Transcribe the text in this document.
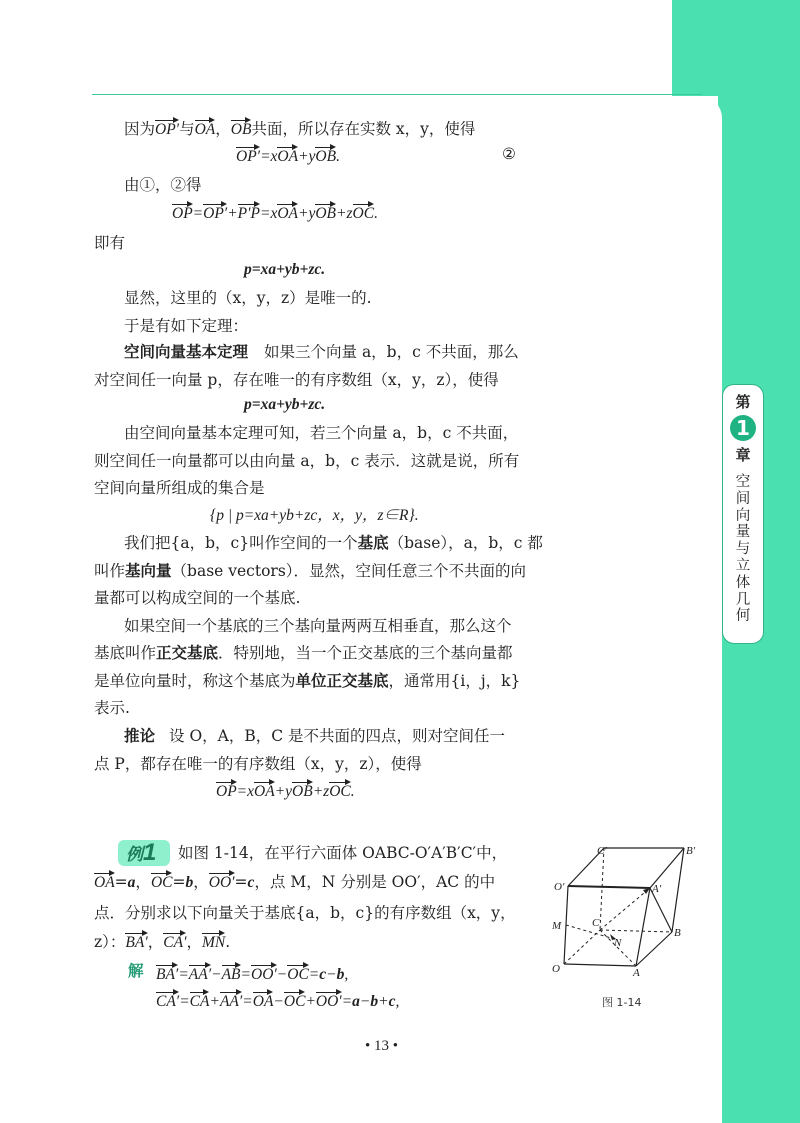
第
1
章
空
间
向
量
与
立
体
几
何
因为OP′与OA，OB共面，所以存在实数 x，y，使得
OP′=xOA+yOB.	②
由①，②得
OP=OP′+P′P=xOA+yOB+zOC.
即有
p=xa+yb+zc.
显然，这里的（x，y，z）是唯一的.
于是有如下定理：
空间向量基本定理 如果三个向量 a，b，c 不共面，那么
对空间任一向量 p，存在唯一的有序数组（x，y，z），使得
p=xa+yb+zc.
由空间向量基本定理可知，若三个向量 a，b，c 不共面，
则空间任一向量都可以由向量 a，b，c 表示．这就是说，所有
空间向量所组成的集合是
{p | p=xa+yb+zc，x，y，z∈R}.
我们把{a，b，c}叫作空间的一个基底（base），a，b，c 都
叫作基向量（base vectors）．显然，空间任意三个不共面的向
量都可以构成空间的一个基底.
如果空间一个基底的三个基向量两两互相垂直，那么这个
基底叫作正交基底．特别地，当一个正交基底的三个基向量都
是单位向量时，称这个基底为单位正交基底，通常用{i，j，k}
表示.
推论 设 O，A，B，C 是不共面的四点，则对空间任一
点 P，都存在唯一的有序数组（x，y，z），使得
OP=xOA+yOB+zOC.
例1	如图 1-14，在平行六面体 OABC-O′A′B′C′中，
OA=a，OC=b，OO′=c，点 M，N 分别是 OO′，AC 的中
点．分别求以下向量关于基底{a，b，c}的有序数组（x，y，
z）：BA′，CA′，MN.
解 BA′=AA′−AB=OO′−OC=c−b,
CA′=CA+AA′=OA−OC+OO′=a−b+c,
C′	B′
O′	A′
C
M
N
B
O	A
图 1-14
• 13 •
